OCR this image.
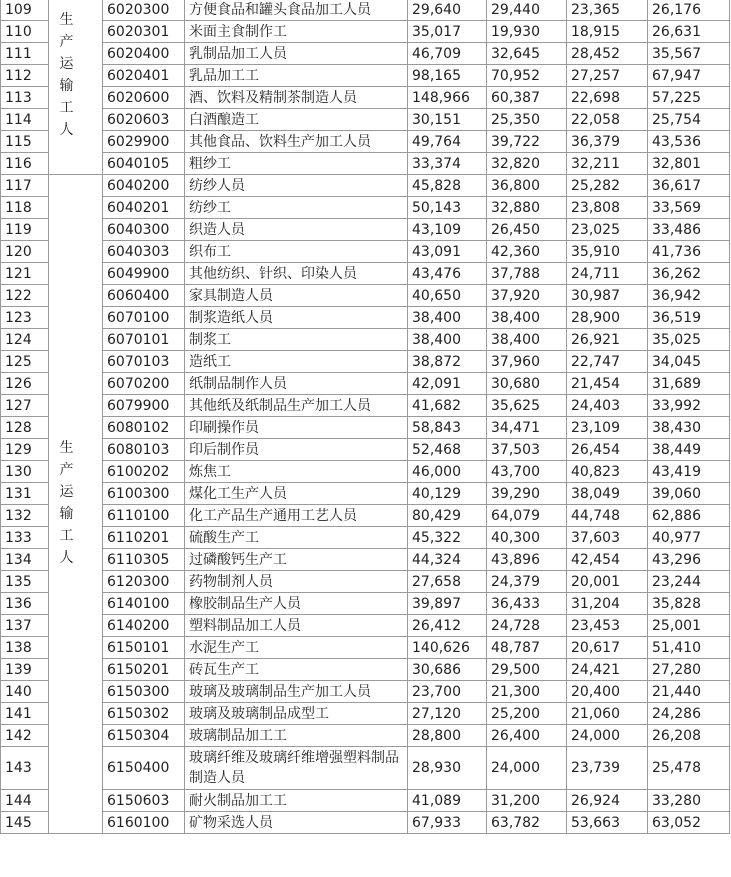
109	生产运输工人	6020300	方便食品和罐头食品加工人员	29,640	29,440	23,365	26,176
110		6020301	米面主食制作工	35,017	19,930	18,915	26,631
111		6020400	乳制品加工人员	46,709	32,645	28,452	35,567
112		6020401	乳品加工工	98,165	70,952	27,257	67,947
113		6020600	酒、饮料及精制茶制造人员	148,966	60,387	22,698	57,225
114		6020603	白酒酿造工	30,151	25,350	22,058	25,754
115		6029900	其他食品、饮料生产加工人员	49,764	39,722	36,379	43,536
116		6040105	粗纱工	33,374	32,820	32,211	32,801
117	生产运输工人	6040200	纺纱人员	45,828	36,800	25,282	36,617
118		6040201	纺纱工	50,143	32,880	23,808	33,569
119		6040300	织造人员	43,109	26,450	23,025	33,486
120		6040303	织布工	43,091	42,360	35,910	41,736
121		6049900	其他纺织、针织、印染人员	43,476	37,788	24,711	36,262
122		6060400	家具制造人员	40,650	37,920	30,987	36,942
123		6070100	制浆造纸人员	38,400	38,400	28,900	36,519
124		6070101	制浆工	38,400	38,400	26,921	35,025
125		6070103	造纸工	38,872	37,960	22,747	34,045
126		6070200	纸制品制作人员	42,091	30,680	21,454	31,689
127		6079900	其他纸及纸制品生产加工人员	41,682	35,625	24,403	33,992
128		6080102	印刷操作员	58,843	34,471	23,109	38,430
129		6080103	印后制作员	52,468	37,503	26,454	38,449
130		6100202	炼焦工	46,000	43,700	40,823	43,419
131		6100300	煤化工生产人员	40,129	39,290	38,049	39,060
132		6110100	化工产品生产通用工艺人员	80,429	64,079	44,748	62,886
133		6110201	硫酸生产工	45,322	40,300	37,603	40,977
134		6110305	过磷酸钙生产工	44,324	43,896	42,454	43,296
135		6120300	药物制剂人员	27,658	24,379	20,001	23,244
136		6140100	橡胶制品生产人员	39,897	36,433	31,204	35,828
137		6140200	塑料制品加工人员	26,412	24,728	23,453	25,001
138		6150101	水泥生产工	140,626	48,787	20,617	51,410
139		6150201	砖瓦生产工	30,686	29,500	24,421	27,280
140		6150300	玻璃及玻璃制品生产加工人员	23,700	21,300	20,400	21,440
141		6150302	玻璃及玻璃制品成型工	27,120	25,200	21,060	24,286
142		6150304	玻璃制品加工工	28,800	26,400	24,000	26,208
143		6150400	玻璃纤维及玻璃纤维增强塑料制品制造人员	28,930	24,000	23,739	25,478
144		6150603	耐火制品加工工	41,089	31,200	26,924	33,280
145		6160100	矿物采选人员	67,933	63,782	53,663	63,052
